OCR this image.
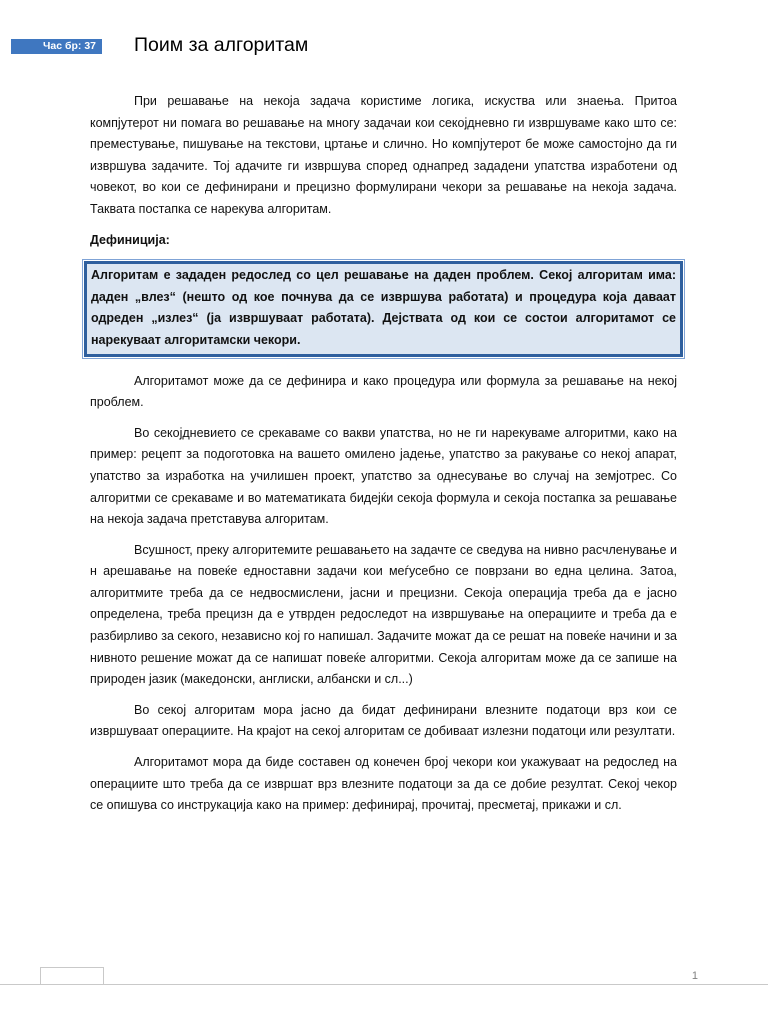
Час бр: 37	Поим за алгоритам

При решавање на некоја задача користиме логика, искуства или знаења. Притоа компјутерот ни помага во решавање на многу задачаи кои секојдневно ги извршуваме како што се: преместување, пишување на текстови, цртање и слично. Но компјутерот бе може самостојно да ги извршува задачите. Тој адачите ги извршува според однапред зададени упатства изработени од човекот, во кои се дефинирани и прецизно формулирани чекори за решавање на некоја задача. Таквата постапка се нарекува алгоритам.

Дефиниција:

Алгоритам е зададен редослед со цел решавање на даден проблем. Секој алгоритам има: даден „влез“ (нешто од кое почнува да се извршува работата) и процедура која даваат одреден „излез“ (ја извршуваат работата). Дејствата од кои се состои алгоритамот се нарекуваат алгоритамски чекори.

Алгоритамот може да се дефинира и како процедура или формула за решавање на некој проблем.

Во секојдневието се срекаваме со вакви упатства, но не ги нарекуваме алгоритми, како на пример: рецепт за подоготовка на вашето омилено јадење, упатство за ракување со некој апарат, упатство за изработка на училишен проект, упатство за однесување во случај на земјотрес. Со алгоритми се срекаваме и во математиката бидејќи секоја формула и секоја постапка за решавање на некоја задача претставува алгоритам.

Всушност, преку алгоритемите решавањето на задачте се сведува на нивно расчленување и н арешавање на повеќе едноставни задачи кои меѓусебно се поврзани во една целина. Затоа, алгоритмите треба да се недвосмислени, јасни и прецизни. Секоја операција треба да е јасно определена, треба прецизн да е утврден редоследот на извршување на операциите и треба да е разбирливо за секого, независно кој го напишал. Задачите можат да се решат на повеќе начини и за нивното решение можат да се напишат повеќе алгоритми. Секоја алгоритам може да се запише на природен јазик (македонски, англиски, албански и сл...)

Во секој алгоритам мора јасно да бидат дефинирани влезните податоци врз кои се извршуваат операциите. На крајот на секој алгоритам се добиваат излезни податоци или резултати.

Алгоритамот мора да биде составен од конечен број чекори кои укажуваат на редослед на операциите што треба да се извршат врз влезните податоци за да се добие резултат. Секој чекор се опишува со инструкација како на пример: дефинирај, прочитај, пресметај, прикажи и сл.

1
